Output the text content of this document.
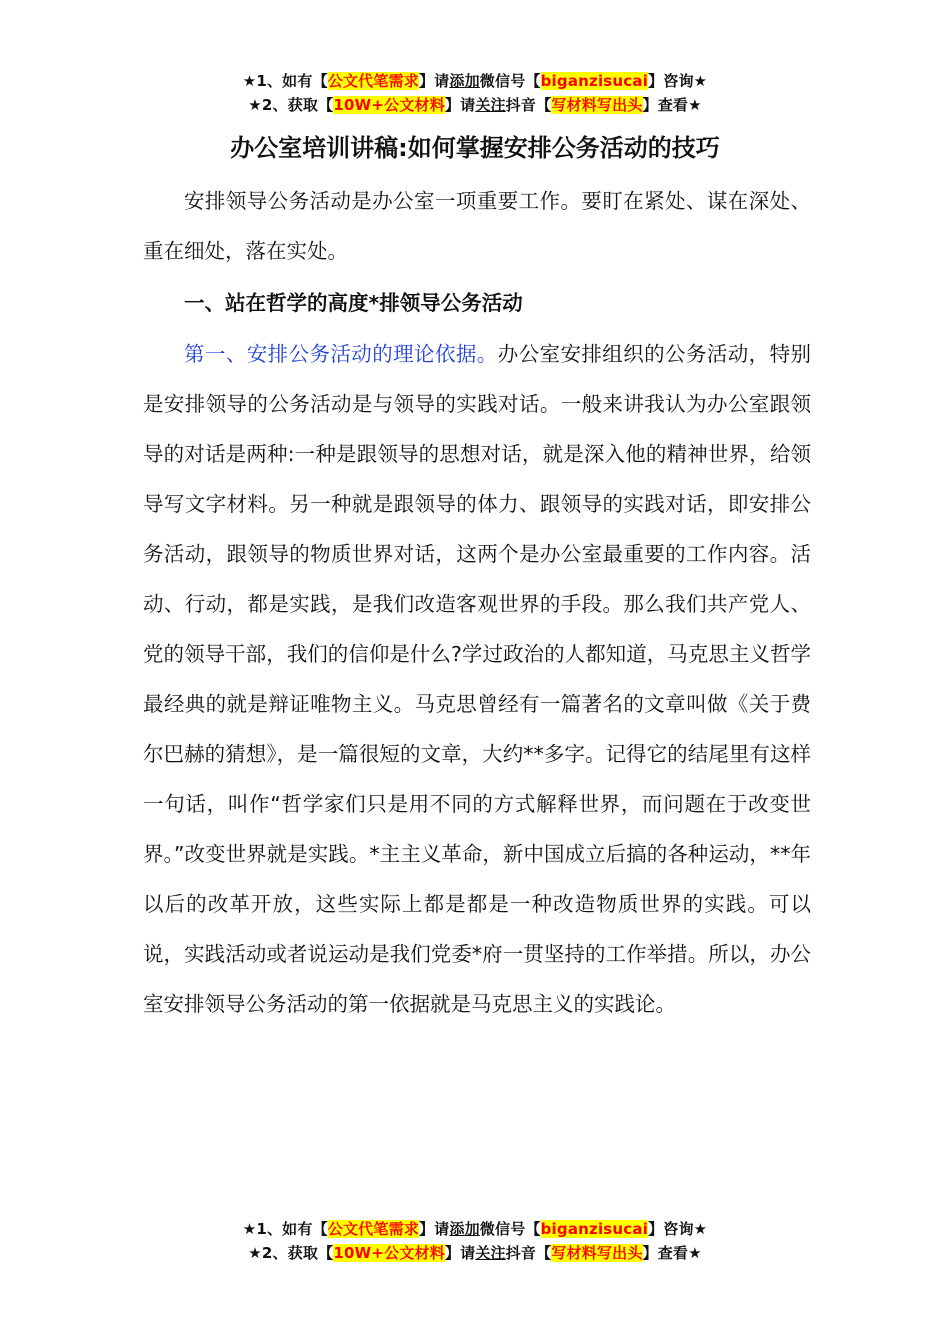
★1、如有【公文代笔需求】请添加微信号【biganzisucai】咨询★
★2、获取【10W+公文材料】请关注抖音【写材料写出头】查看★
办公室培训讲稿:如何掌握安排公务活动的技巧

安排领导公务活动是办公室一项重要工作。要盯在紧处、谋在深处、重在细处，落在实处。

一、站在哲学的高度*排领导公务活动

第一、安排公务活动的理论依据。办公室安排组织的公务活动，特别是安排领导的公务活动是与领导的实践对话。一般来讲我认为办公室跟领导的对话是两种:一种是跟领导的思想对话，就是深入他的精神世界，给领导写文字材料。另一种就是跟领导的体力、跟领导的实践对话，即安排公务活动，跟领导的物质世界对话，这两个是办公室最重要的工作内容。活动、行动，都是实践，是我们改造客观世界的手段。那么我们共产党人、党的领导干部，我们的信仰是什么?学过政治的人都知道，马克思主义哲学最经典的就是辩证唯物主义。马克思曾经有一篇著名的文章叫做《关于费尔巴赫的猜想》，是一篇很短的文章，大约**多字。记得它的结尾里有这样一句话，叫作“哲学家们只是用不同的方式解释世界，而问题在于改变世界。”改变世界就是实践。*主主义革命，新中国成立后搞的各种运动，**年以后的改革开放，这些实际上都是都是一种改造物质世界的实践。可以说，实践活动或者说运动是我们党委*府一贯坚持的工作举措。所以，办公室安排领导公务活动的第一依据就是马克思主义的实践论。

★1、如有【公文代笔需求】请添加微信号【biganzisucai】咨询★
★2、获取【10W+公文材料】请关注抖音【写材料写出头】查看★
